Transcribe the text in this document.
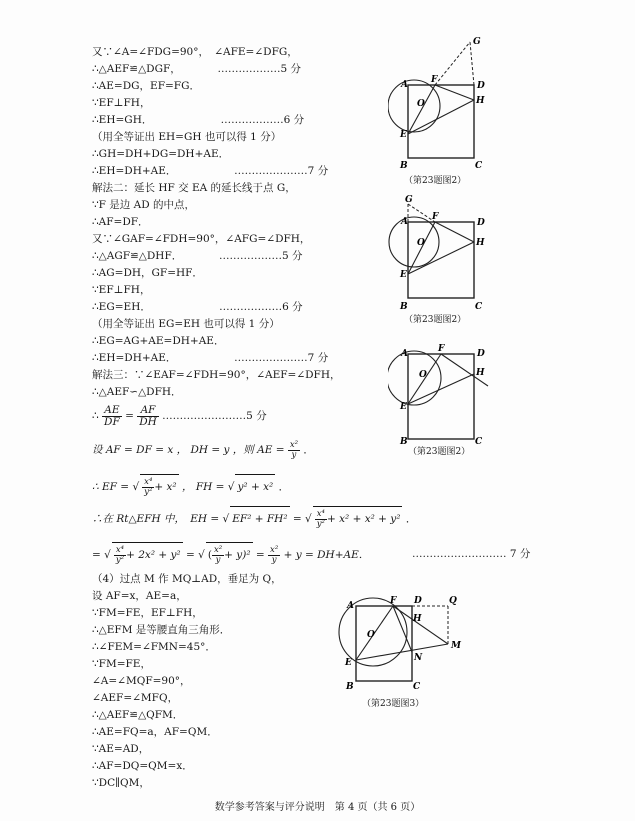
又∵∠A=∠FDG=90°，　∠AFE=∠DFG，
∴△AEF≌△DGF，　　　　………………5 分
∴AE=DG，EF=FG．
∵EF⊥FH，
∴EH=GH．　　　　　　　………………6 分
（用全等证出 EH=GH 也可以得 1 分）
∴GH=DH+DG=DH+AE．
∴EH=DH+AE．　　　　　　…………………7 分
解法二：延长 HF 交 EA 的延长线于点 G，
∵F 是边 AD 的中点，
∴AF=DF．
又∵∠GAF=∠FDH=90°，∠AFG=∠DFH，
∴△AGF≌△DHF．　　　　………………5 分
∴AG=DH，GF=HF．
∵EF⊥FH，
∴EG=EH．　　　　　　　………………6 分
（用全等证出 EG=EH 也可以得 1 分）
∴EG=AG+AE=DH+AE．
∴EH=DH+AE．　　　　　　…………………7 分
解法三：∵∠EAF=∠FDH=90°，∠AEF=∠DFH，
∴△AEF∽△DFH．
∴ $\frac{AE}{DF} = \frac{AF}{DH}$ ……………………5 分
设 AF = DF = x ， DH = y ，则 AE = $\frac{\text{x²}}{y}$ ．
∴ EF = √ $\frac{\text{x⁴}}{\text{y²}} + x^2$ ， FH = √ y² + x² ．
∴在 Rt△EFH 中，　EH = √ EF² + FH² = √ $\frac{\text{x⁴}}{\text{y²}} + x^2 + x^2 + y^2$ ．
= √ $\frac{\text{x⁴}}{\text{y²}} + 2x^2 + y^2$ = √ ( $\frac{\text{x²}}{y} + y)^2 = \frac{\text{x²}}{y} + y = DH+AE$．	……………………… 7 分
（4）过点 M 作 MQ⊥AD，垂足为 Q，
设 AF=x，AE=a，
∵FM=FE，EF⊥FH，
∴△EFM 是等腰直角三角形．
∴∠FEM=∠FMN=45°．
∵FM=FE，
∠A=∠MQF=90°，
∠AEF=∠MFQ，
∴△AEF≌△QFM．
∴AE=FQ=a，AF=QM．
∵AE=AD，
∴AF=DQ=QM=x．
∵DC∥QM，
A
B	C
D
E
F
G
H
O
（第23题图2）
A
B	C
D
E
F
G
H
O
（第23题图2）
A
B	C
D
E
F
H
O
（第23题图2）
A
B	C
D
E
F
H
M
N
O
Q
（第23题图3）
数学参考答案与评分说明　第 4 页（共 6 页）
